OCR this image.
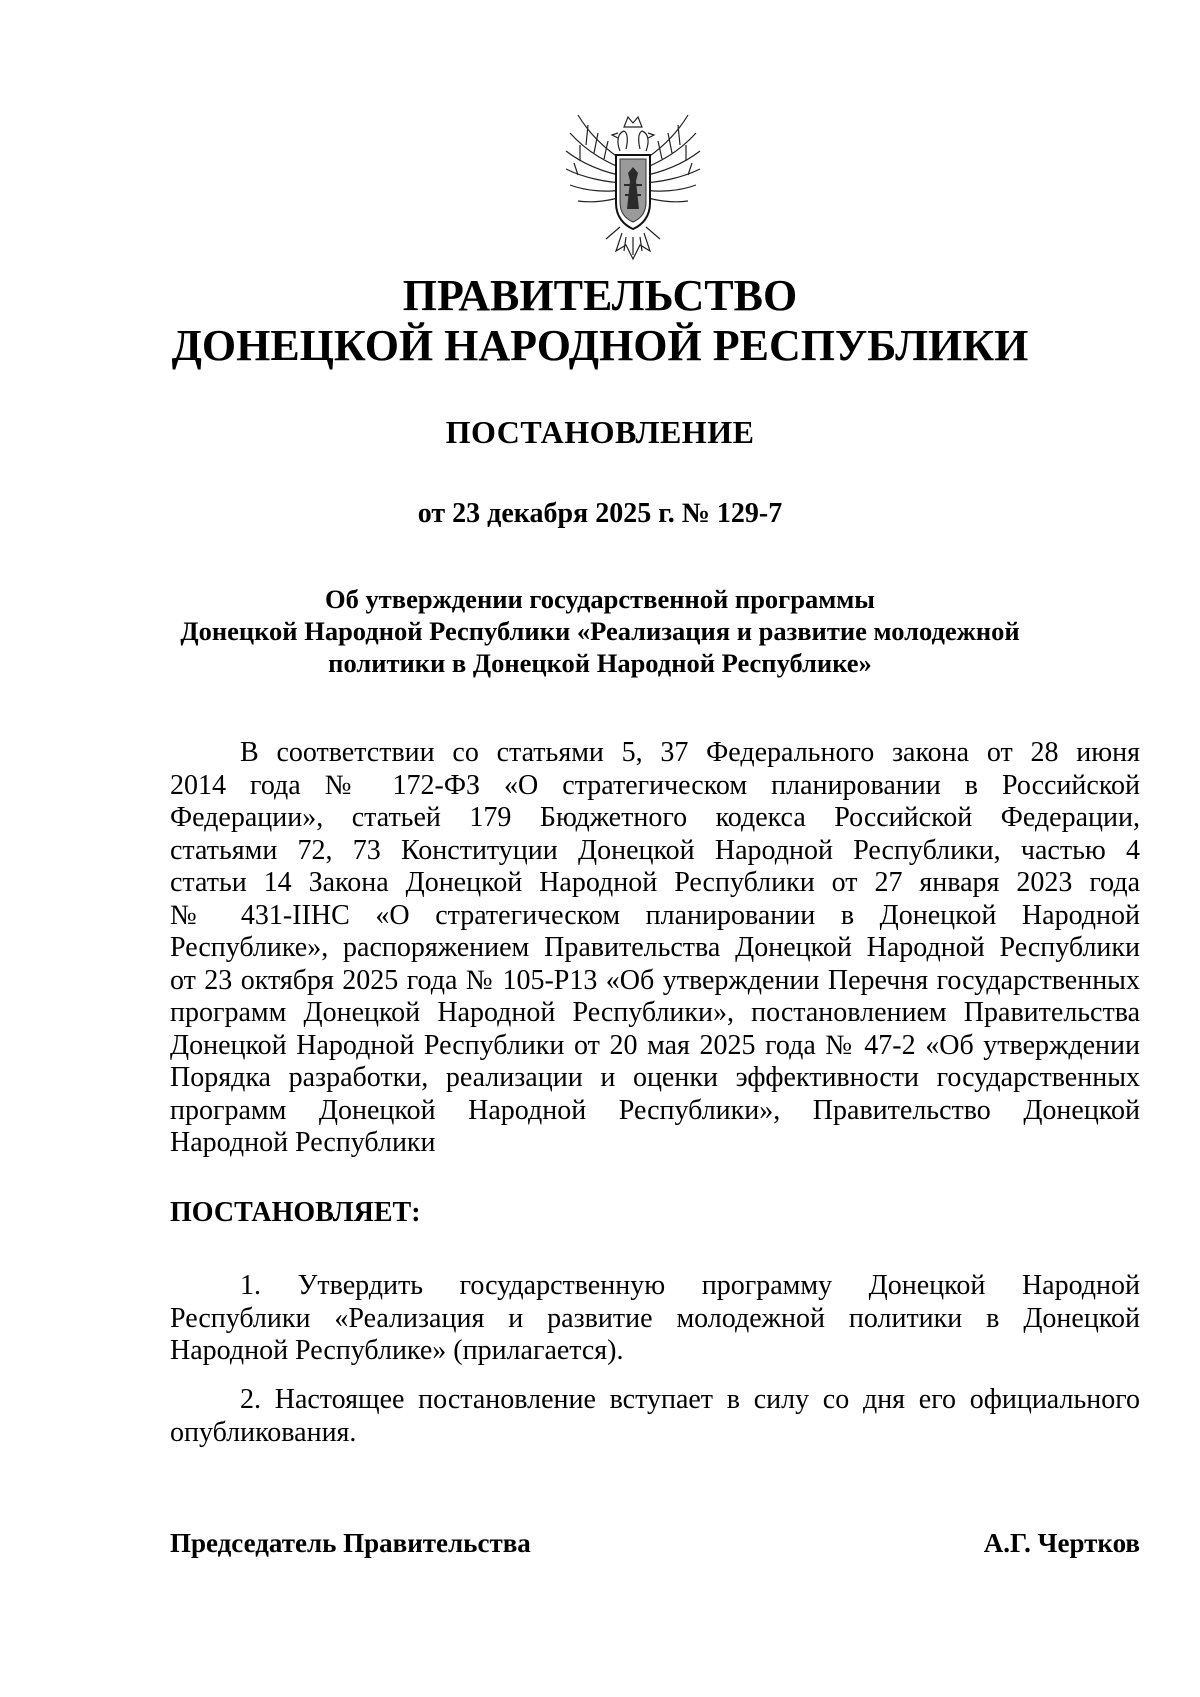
ПРАВИТЕЛЬСТВО
ДОНЕЦКОЙ НАРОДНОЙ РЕСПУБЛИКИ
ПОСТАНОВЛЕНИЕ
от 23 декабря 2025 г. № 129-7
Об утверждении государственной программы
Донецкой Народной Республики «Реализация и развитие молодежной
политики в Донецкой Народной Республике»
В соответствии со статьями 5, 37 Федерального закона от 28 июня
2014 года № 172-ФЗ «О стратегическом планировании в Российской
Федерации», статьей 179 Бюджетного кодекса Российской Федерации,
статьями 72, 73 Конституции Донецкой Народной Республики, частью 4
статьи 14 Закона Донецкой Народной Республики от 27 января 2023 года
№ 431-IIНС «О стратегическом планировании в Донецкой Народной
Республике», распоряжением Правительства Донецкой Народной Республики
от 23 октября 2025 года № 105-Р13 «Об утверждении Перечня государственных
программ Донецкой Народной Республики», постановлением Правительства
Донецкой Народной Республики от 20 мая 2025 года № 47-2 «Об утверждении
Порядка разработки, реализации и оценки эффективности государственных
программ Донецкой Народной Республики», Правительство Донецкой
Народной Республики
ПОСТАНОВЛЯЕТ:
1. Утвердить государственную программу Донецкой Народной
Республики «Реализация и развитие молодежной политики в Донецкой
Народной Республике» (прилагается).
2. Настоящее постановление вступает в силу со дня его официального
опубликования.
Председатель Правительства	А.Г. Чертков
